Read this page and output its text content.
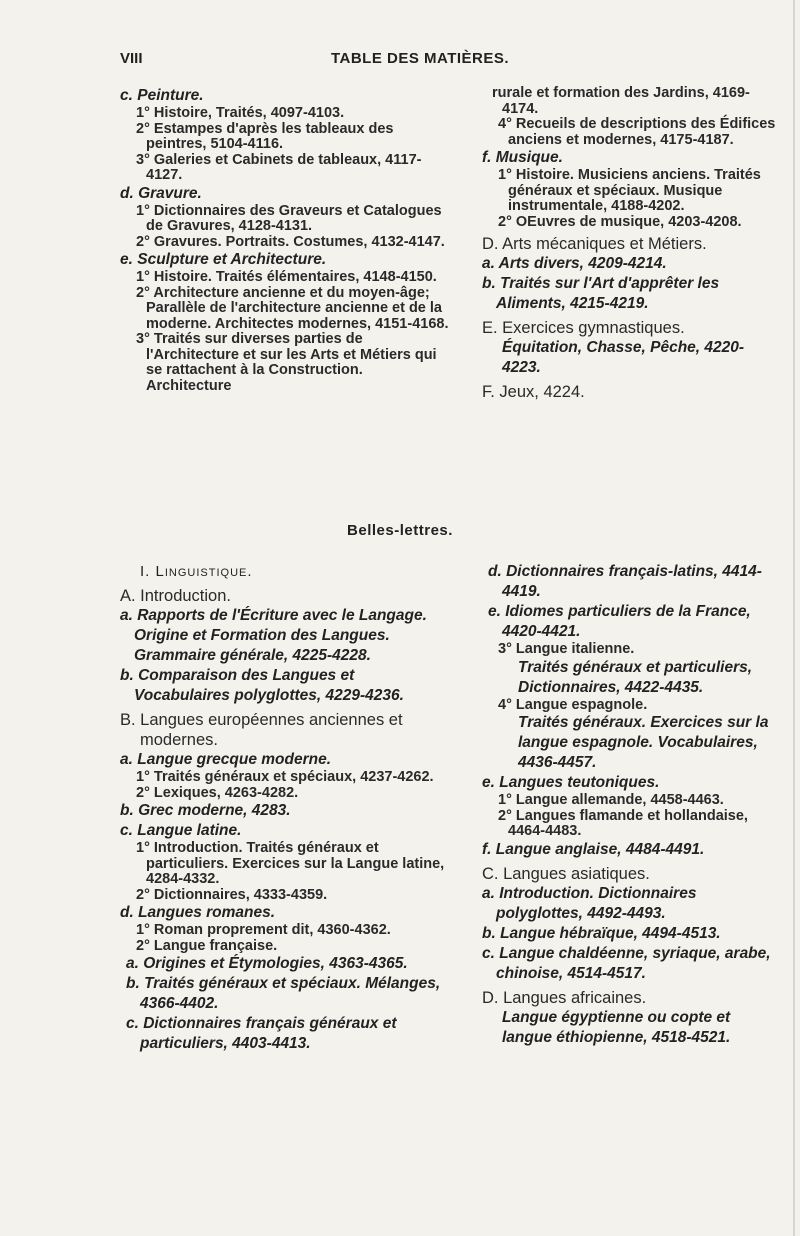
VIII	TABLE DES MATIÈRES.

c. Peinture.

1° Histoire, Traités, 4097-4103.

2° Estampes d'après les tableaux des peintres, 5104-4116.

3° Galeries et Cabinets de tableaux, 4117-4127.

d. Gravure.

1° Dictionnaires des Graveurs et Catalogues de Gravures, 4128-4131.

2° Gravures. Portraits. Costumes, 4132-4147.

e. Sculpture et Architecture.

1° Histoire. Traités élémentaires, 4148-4150.

2° Architecture ancienne et du moyen-âge; Parallèle de l'architecture ancienne et de la moderne. Architectes modernes, 4151-4168.

3° Traités sur diverses parties de l'Architecture et sur les Arts et Métiers qui se rattachent à la Construction. Architecture

rurale et formation des Jardins, 4169-4174.

4° Recueils de descriptions des Édifices anciens et modernes, 4175-4187.

f. Musique.

1° Histoire. Musiciens anciens. Traités généraux et spéciaux. Musique instrumentale, 4188-4202.

2° OEuvres de musique, 4203-4208.

D. Arts mécaniques et Métiers.

a. Arts divers, 4209-4214.

b. Traités sur l'Art d'apprêter les Aliments, 4215-4219.

E. Exercices gymnastiques.

Équitation, Chasse, Pêche, 4220-4223.

F. Jeux, 4224.

Belles-lettres.

I. Linguistique.

A. Introduction.

a. Rapports de l'Écriture avec le Langage. Origine et Formation des Langues. Grammaire générale, 4225-4228.

b. Comparaison des Langues et Vocabulaires polyglottes, 4229-4236.

B. Langues européennes anciennes et modernes.

a. Langue grecque moderne.

1° Traités généraux et spéciaux, 4237-4262.

2° Lexiques, 4263-4282.

b. Grec moderne, 4283.

c. Langue latine.

1° Introduction. Traités généraux et particuliers. Exercices sur la Langue latine, 4284-4332.

2° Dictionnaires, 4333-4359.

d. Langues romanes.

1° Roman proprement dit, 4360-4362.

2° Langue française.

a. Origines et Étymologies, 4363-4365.

b. Traités généraux et spéciaux. Mélanges, 4366-4402.

c. Dictionnaires français généraux et particuliers, 4403-4413.

d. Dictionnaires français-latins, 4414-4419.

e. Idiomes particuliers de la France, 4420-4421.

3° Langue italienne.

Traités généraux et particuliers, Dictionnaires, 4422-4435.

4° Langue espagnole.

Traités généraux. Exercices sur la langue espagnole. Vocabulaires, 4436-4457.

e. Langues teutoniques.

1° Langue allemande, 4458-4463.

2° Langues flamande et hollandaise, 4464-4483.

f. Langue anglaise, 4484-4491.

C. Langues asiatiques.

a. Introduction. Dictionnaires polyglottes, 4492-4493.

b. Langue hébraïque, 4494-4513.

c. Langue chaldéenne, syriaque, arabe, chinoise, 4514-4517.

D. Langues africaines.

Langue égyptienne ou copte et langue éthiopienne, 4518-4521.
